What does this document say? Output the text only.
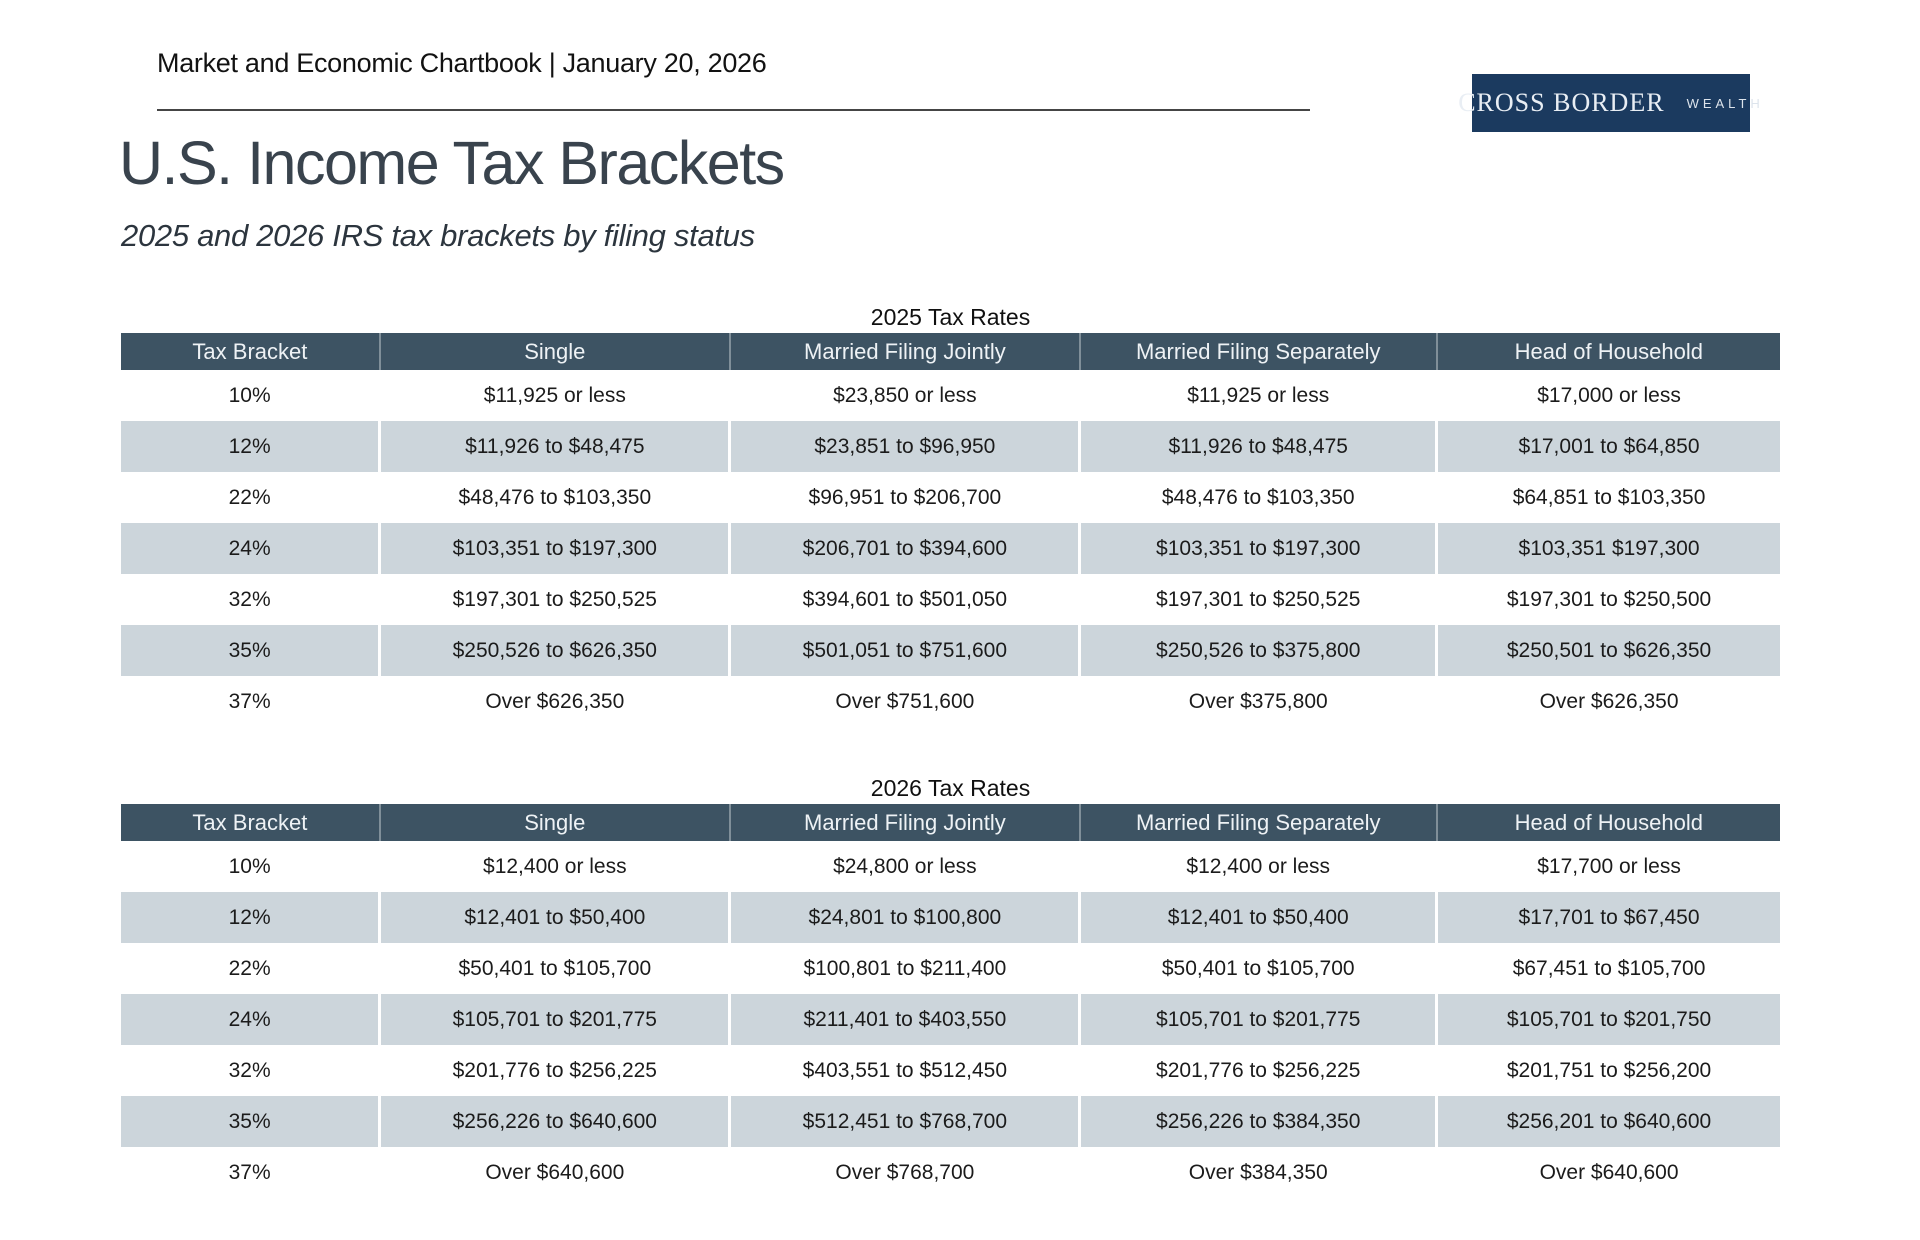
Market and Economic Chartbook | January 20, 2026
CROSS BORDER WEALTH
U.S. Income Tax Brackets
2025 and 2026 IRS tax brackets by filing status
2025 Tax Rates
Tax Bracket	Single	Married Filing Jointly	Married Filing Separately	Head of Household
10%	$11,925 or less	$23,850 or less	$11,925 or less	$17,000 or less
12%	$11,926 to $48,475	$23,851 to $96,950	$11,926 to $48,475	$17,001 to $64,850
22%	$48,476 to $103,350	$96,951 to $206,700	$48,476 to $103,350	$64,851 to $103,350
24%	$103,351 to $197,300	$206,701 to $394,600	$103,351 to $197,300	$103,351 $197,300
32%	$197,301 to $250,525	$394,601 to $501,050	$197,301 to $250,525	$197,301 to $250,500
35%	$250,526 to $626,350	$501,051 to $751,600	$250,526 to $375,800	$250,501 to $626,350
37%	Over $626,350	Over $751,600	Over $375,800	Over $626,350
2026 Tax Rates
Tax Bracket	Single	Married Filing Jointly	Married Filing Separately	Head of Household
10%	$12,400 or less	$24,800 or less	$12,400 or less	$17,700 or less
12%	$12,401 to $50,400	$24,801 to $100,800	$12,401 to $50,400	$17,701 to $67,450
22%	$50,401 to $105,700	$100,801 to $211,400	$50,401 to $105,700	$67,451 to $105,700
24%	$105,701 to $201,775	$211,401 to $403,550	$105,701 to $201,775	$105,701 to $201,750
32%	$201,776 to $256,225	$403,551 to $512,450	$201,776 to $256,225	$201,751 to $256,200
35%	$256,226 to $640,600	$512,451 to $768,700	$256,226 to $384,350	$256,201 to $640,600
37%	Over $640,600	Over $768,700	Over $384,350	Over $640,600
